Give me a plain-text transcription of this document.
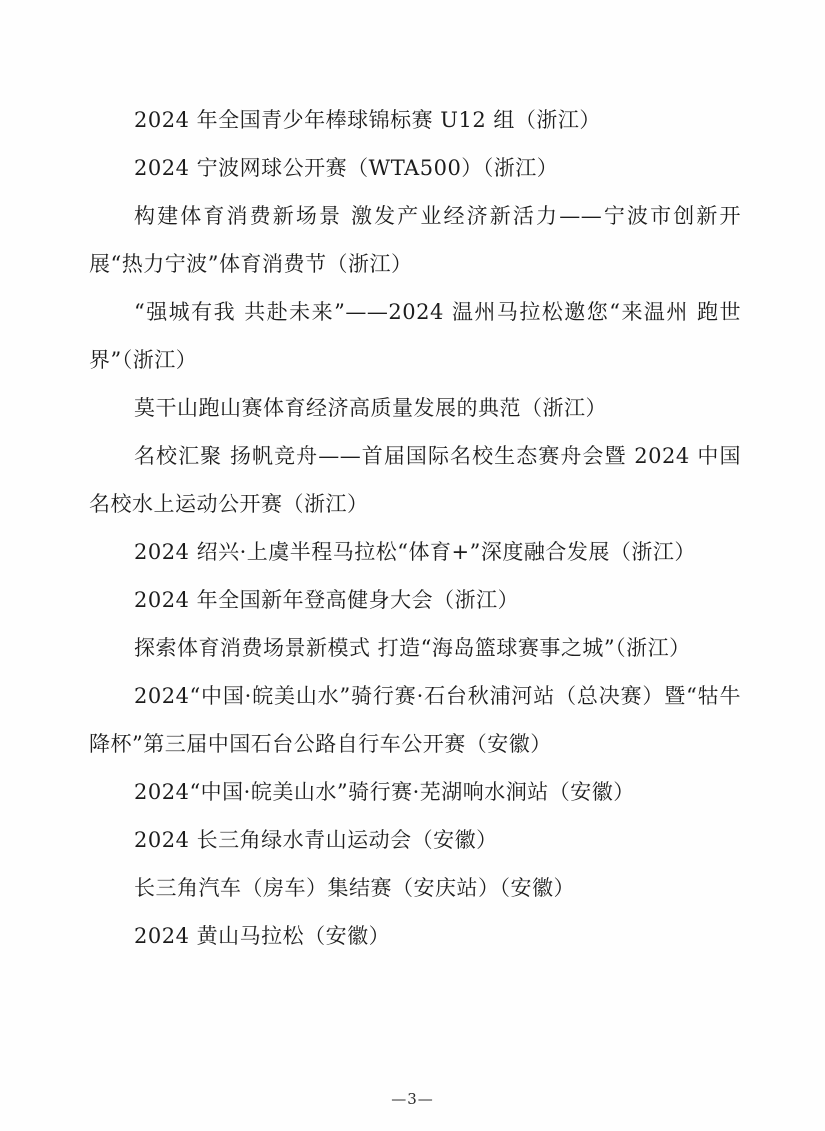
2024 年全国青少年棒球锦标赛 U12 组（浙江）

2024 宁波网球公开赛（WTA500）（浙江）

构建体育消费新场景 激发产业经济新活力——宁波市创新开展“热力宁波”体育消费节（浙江）

“强城有我 共赴未来”——2024 温州马拉松邀您“来温州 跑世界”（浙江）

莫干山跑山赛体育经济高质量发展的典范（浙江）

名校汇聚 扬帆竞舟——首届国际名校生态赛舟会暨 2024 中国名校水上运动公开赛（浙江）

2024 绍兴·上虞半程马拉松“体育+”深度融合发展（浙江）

2024 年全国新年登高健身大会（浙江）

探索体育消费场景新模式 打造“海岛篮球赛事之城”（浙江）

2024“中国·皖美山水”骑行赛·石台秋浦河站（总决赛）暨“牯牛降杯”第三届中国石台公路自行车公开赛（安徽）

2024“中国·皖美山水”骑行赛·芜湖响水涧站（安徽）

2024 长三角绿水青山运动会（安徽）

长三角汽车（房车）集结赛（安庆站）（安徽）

2024 黄山马拉松（安徽）

—3—
